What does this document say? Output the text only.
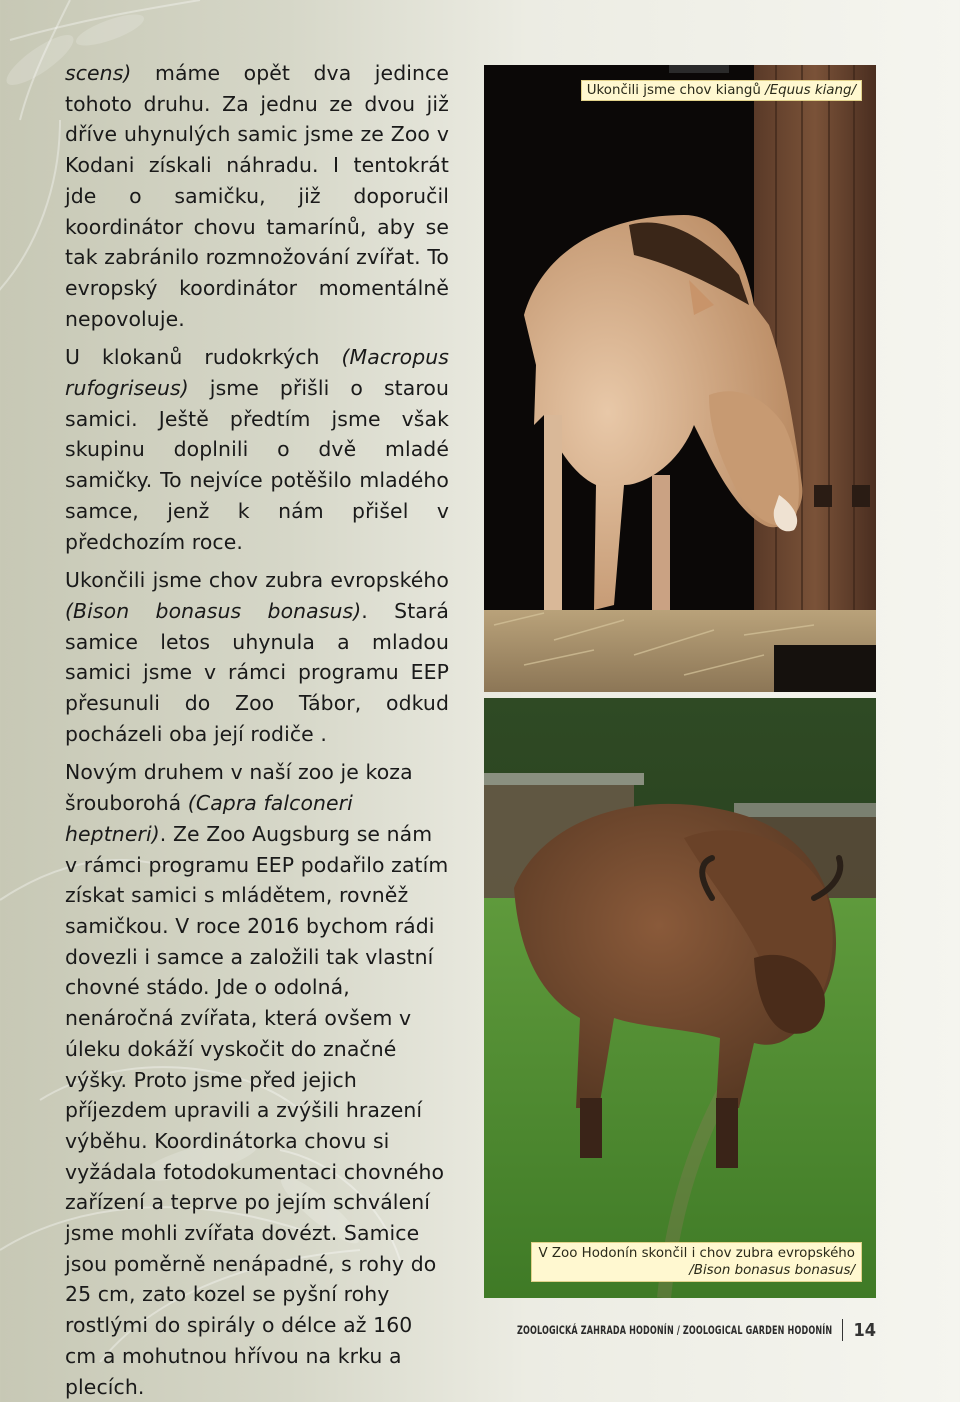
scens) máme opět dva jedince tohoto druhu. Za jednu ze dvou již dříve uhynulých samic jsme ze Zoo v Kodani získali náhradu. I tentokrát jde o samičku, již doporučil koordinátor chovu tamarínů, aby se tak zabránilo rozmnožování zvířat. To evropský koordinátor momentálně nepovoluje.

U klokanů rudokrkých (Macropus rufogriseus) jsme přišli o starou samici. Ještě předtím jsme však skupinu doplnili o dvě mladé samičky. To nejvíce potěšilo mladého samce, jenž k nám přišel v předchozím roce.

Ukončili jsme chov zubra evropského (Bison bonasus bonasus). Stará samice letos uhynula a mladou samici jsme v rámci programu EEP přesunuli do Zoo Tábor, odkud pocházeli oba její rodiče .

Novým druhem v naší zoo je koza šrouborohá (Capra falconeri heptneri). Ze Zoo Augsburg se nám v rámci programu EEP podařilo zatím získat samici s mládětem, rovněž samičkou. V roce 2016 bychom rádi dovezli i samce a založili tak vlastní chovné stádo. Jde o odolná, nenáročná zvířata, která ovšem v úleku dokáží vyskočit do značné výšky. Proto jsme před jejich příjezdem upravili a zvýšili hrazení výběhu. Koordinátorka chovu si vyžádala fotodokumentaci chovného zařízení a teprve po jejím schválení jsme mohli zvířata dovézt. Samice jsou poměrně nenápadné, s rohy do 25 cm, zato kozel se pyšní rohy rostlými do spirály o délce až 160 cm a mohutnou hřívou na krku a plecích.

Ukončili jsme chov kiangů /Equus kiang/
V Zoo Hodonín skončil i chov zubra evropského
/Bison bonasus bonasus/
ZOOLOGICKÁ ZAHRADA HODONÍN / ZOOLOGICAL GARDEN HODONÍN 14
